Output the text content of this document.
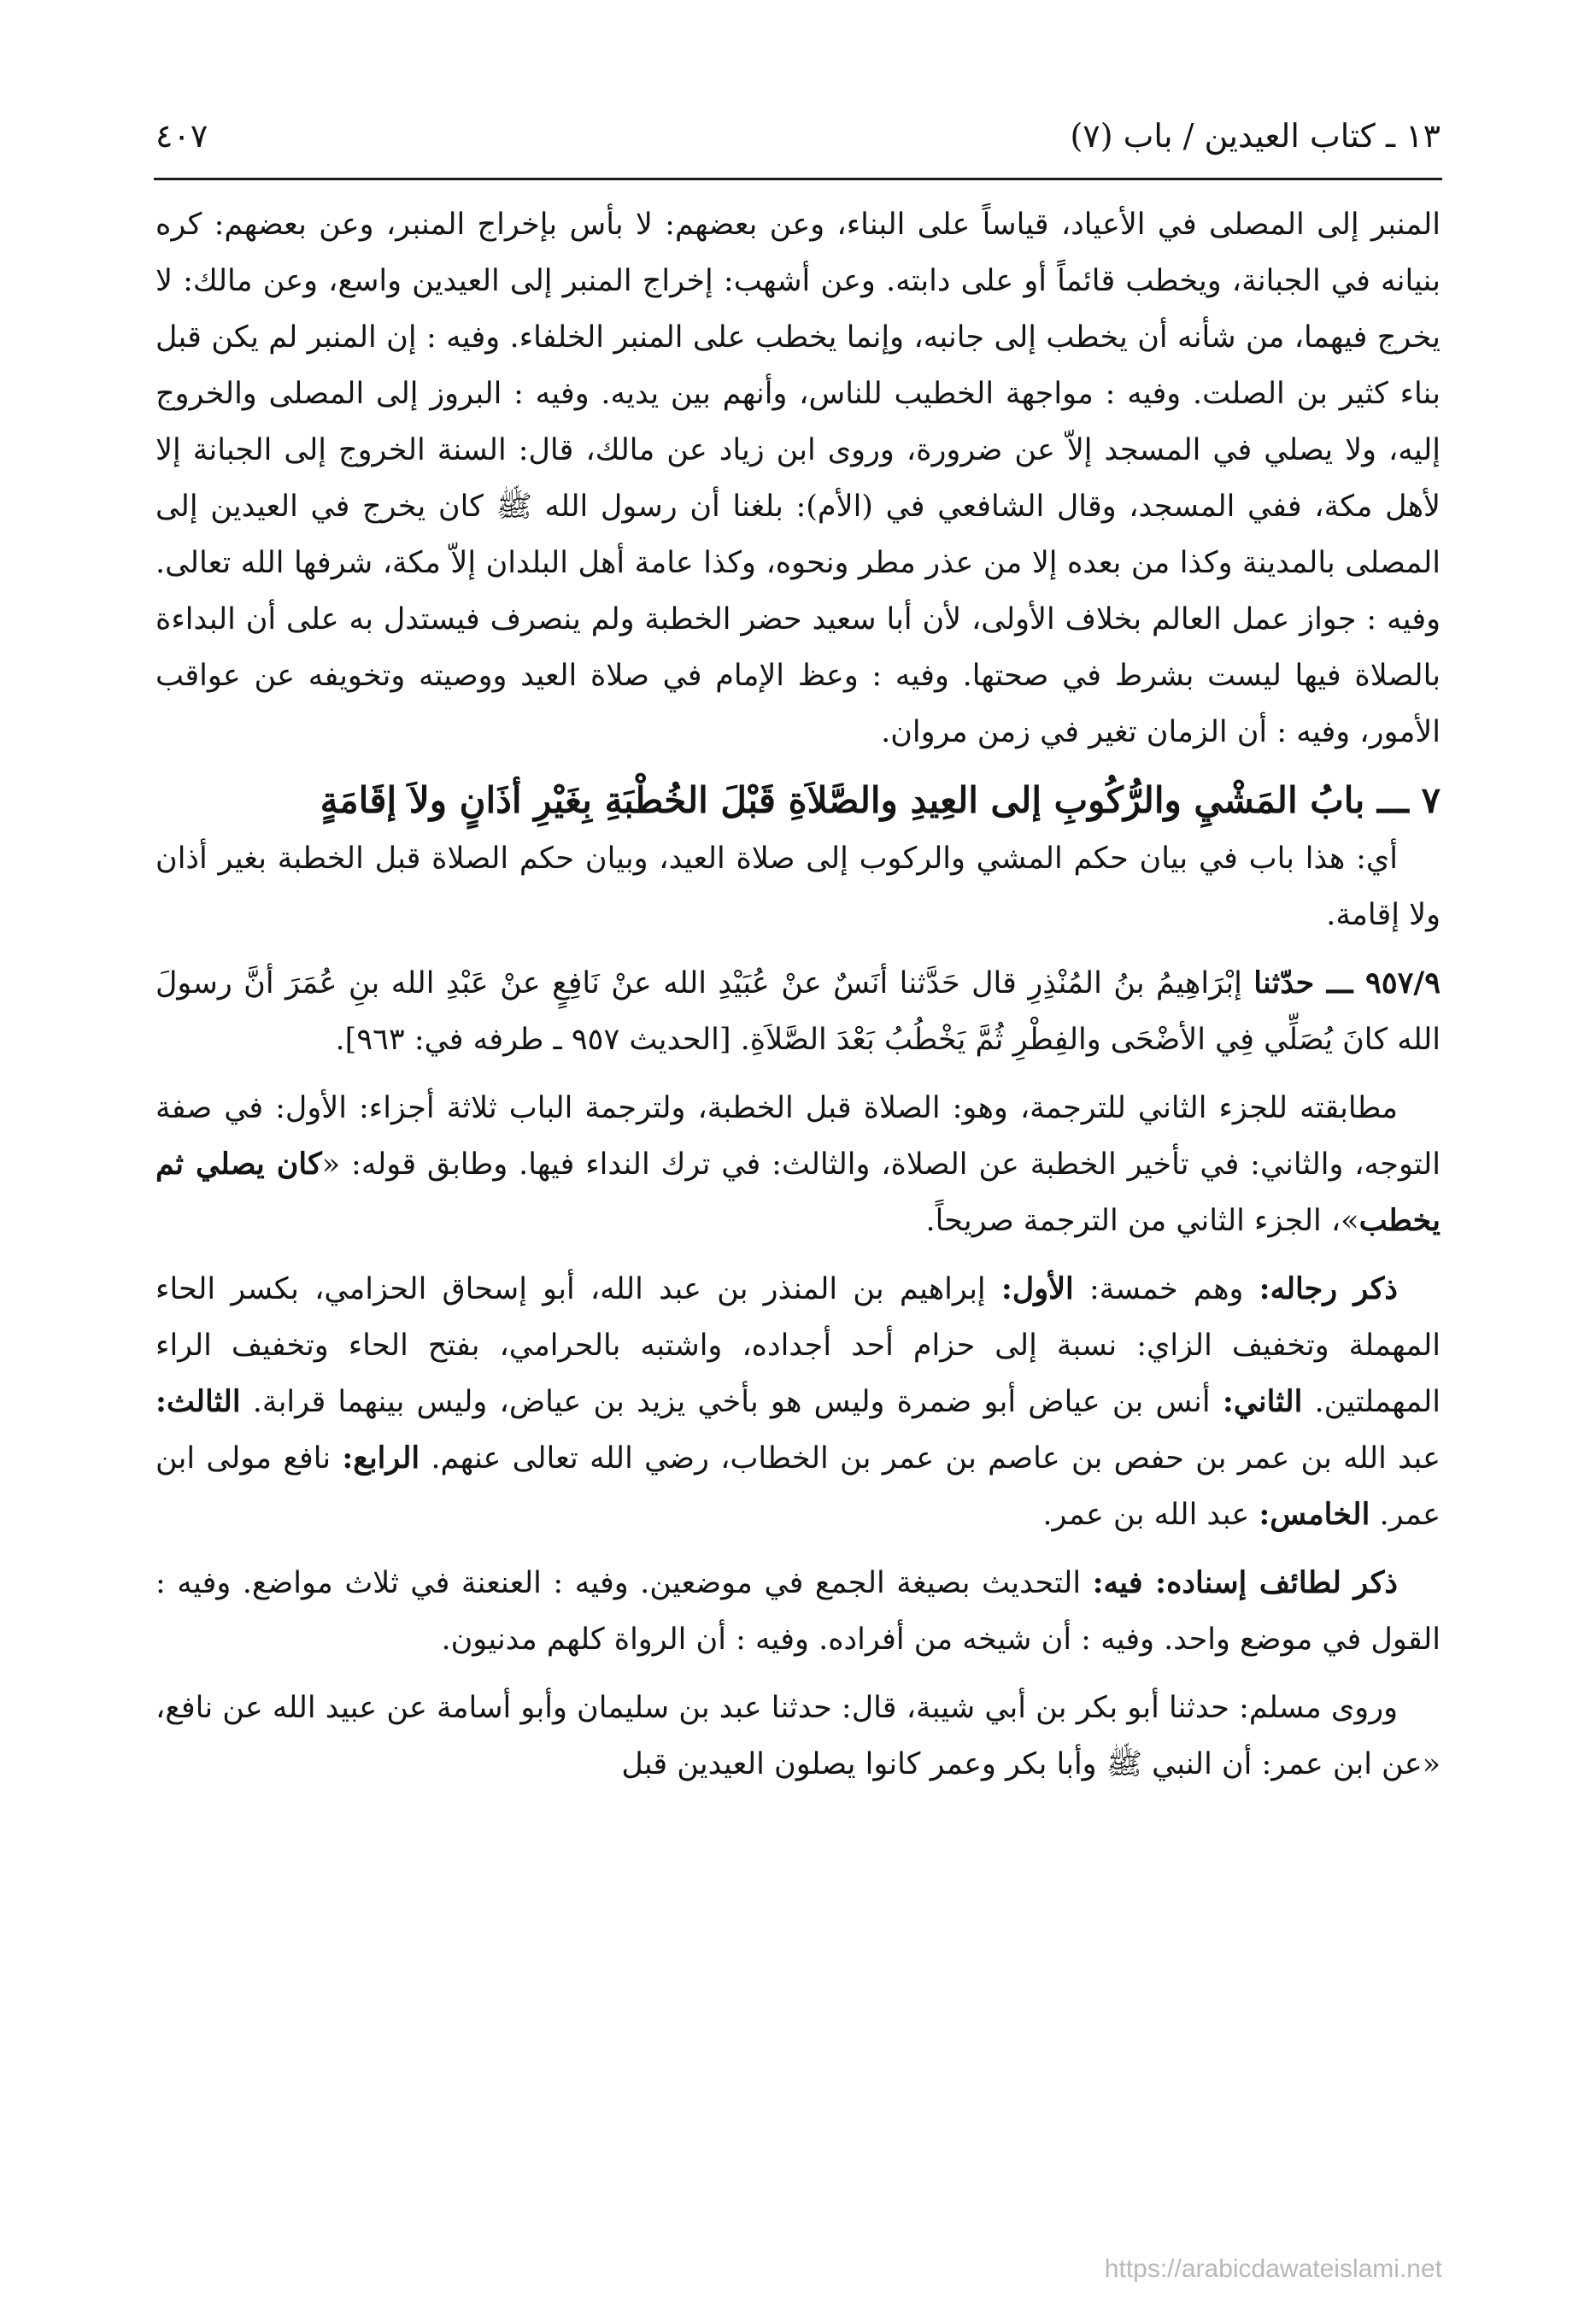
١٣ ـ كتاب العيدين / باب (٧)
٤٠٧

المنبر إلى المصلى في الأعياد، قياساً على البناء، وعن بعضهم: لا بأس بإخراج المنبر، وعن بعضهم: كره بنيانه في الجبانة، ويخطب قائماً أو على دابته. وعن أشهب: إخراج المنبر إلى العيدين واسع، وعن مالك: لا يخرج فيهما، من شأنه أن يخطب إلى جانبه، وإنما يخطب على المنبر الخلفاء. وفيه : إن المنبر لم يكن قبل بناء كثير بن الصلت. وفيه : مواجهة الخطيب للناس، وأنهم بين يديه. وفيه : البروز إلى المصلى والخروج إليه، ولا يصلي في المسجد إلاّ عن ضرورة، وروى ابن زياد عن مالك، قال: السنة الخروج إلى الجبانة إلا لأهل مكة، ففي المسجد، وقال الشافعي في (الأم): بلغنا أن رسول الله ﷺ كان يخرج في العيدين إلى المصلى بالمدينة وكذا من بعده إلا من عذر مطر ونحوه، وكذا عامة أهل البلدان إلاّ مكة، شرفها الله تعالى. وفيه : جواز عمل العالم بخلاف الأولى، لأن أبا سعيد حضر الخطبة ولم ينصرف فيستدل به على أن البداءة بالصلاة فيها ليست بشرط في صحتها. وفيه : وعظ الإمام في صلاة العيد ووصيته وتخويفه عن عواقب الأمور، وفيه : أن الزمان تغير في زمن مروان.

٧ ـــ بابُ المَشْيِ والرُّكُوبِ إلى العِيدِ والصَّلاَةِ قَبْلَ الخُطْبَةِ بِغَيْرِ أذَانٍ ولاَ إقَامَةٍ

أي: هذا باب في بيان حكم المشي والركوب إلى صلاة العيد، وبيان حكم الصلاة قبل الخطبة بغير أذان ولا إقامة.

٩٥٧/٩ ـــ حدّثنا إبْرَاهِيمُ بنُ المُنْذِرِ قال حَدَّثنا أنَسٌ عنْ عُبَيْدِ الله عنْ نَافِعٍ عنْ عَبْدِ الله بنِ عُمَرَ أنَّ رسولَ الله كانَ يُصَلِّي فِي الأضْحَى والفِطْرِ ثُمَّ يَخْطُبُ بَعْدَ الصَّلاَةِ. [الحديث ٩٥٧ ـ طرفه في: ٩٦٣].

مطابقته للجزء الثاني للترجمة، وهو: الصلاة قبل الخطبة، ولترجمة الباب ثلاثة أجزاء: الأول: في صفة التوجه، والثاني: في تأخير الخطبة عن الصلاة، والثالث: في ترك النداء فيها. وطابق قوله: «كان يصلي ثم يخطب»، الجزء الثاني من الترجمة صريحاً.

ذكر رجاله: وهم خمسة: الأول: إبراهيم بن المنذر بن عبد الله، أبو إسحاق الحزامي، بكسر الحاء المهملة وتخفيف الزاي: نسبة إلى حزام أحد أجداده، واشتبه بالحرامي، بفتح الحاء وتخفيف الراء المهملتين. الثاني: أنس بن عياض أبو ضمرة وليس هو بأخي يزيد بن عياض، وليس بينهما قرابة. الثالث: عبد الله بن عمر بن حفص بن عاصم بن عمر بن الخطاب، رضي الله تعالى عنهم. الرابع: نافع مولى ابن عمر. الخامس: عبد الله بن عمر.

ذكر لطائف إسناده: فيه: التحديث بصيغة الجمع في موضعين. وفيه : العنعنة في ثلاث مواضع. وفيه : القول في موضع واحد. وفيه : أن شيخه من أفراده. وفيه : أن الرواة كلهم مدنيون.

وروى مسلم: حدثنا أبو بكر بن أبي شيبة، قال: حدثنا عبد بن سليمان وأبو أسامة عن عبيد الله عن نافع، «عن ابن عمر: أن النبي ﷺ وأبا بكر وعمر كانوا يصلون العيدين قبل

https://arabicdawateislami.net
